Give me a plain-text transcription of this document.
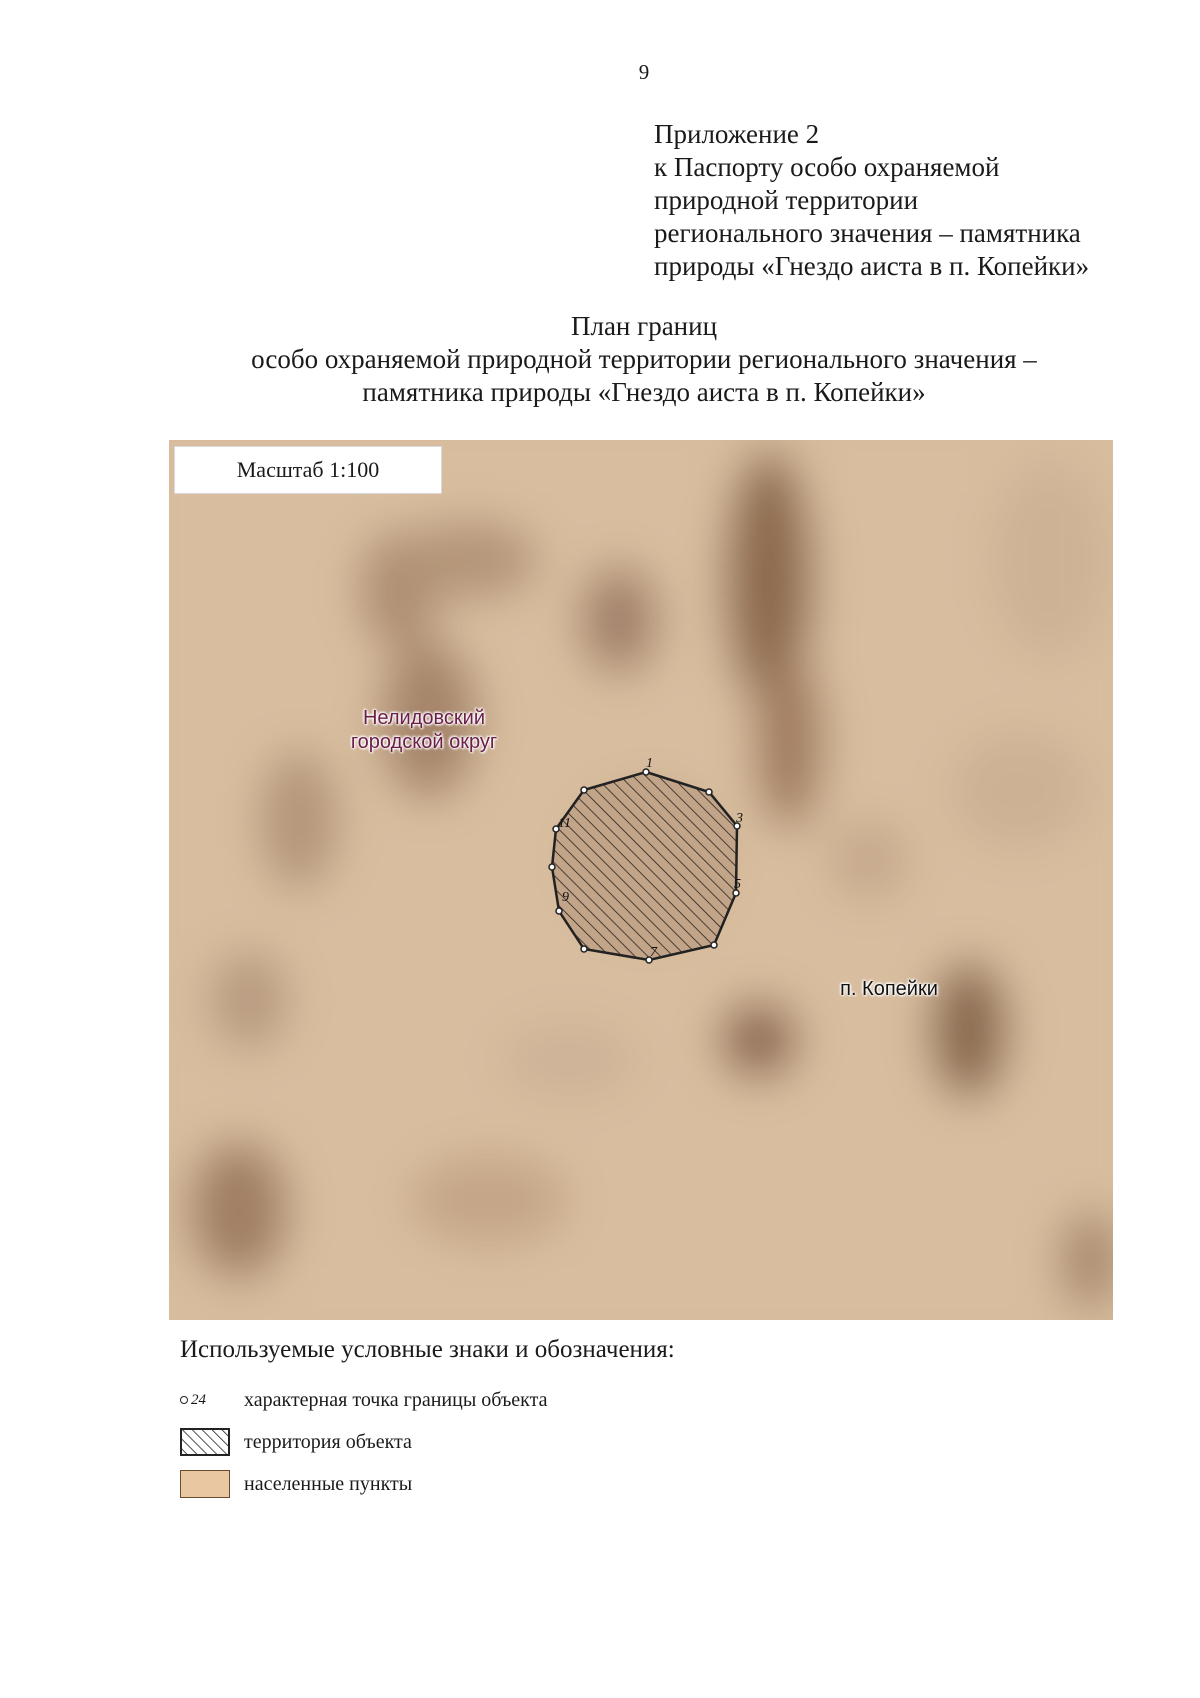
9
Приложение 2
к Паспорту особо охраняемой
природной территории
регионального значения – памятника
природы «Гнездо аиста в п. Копейки»
План границ
особо охраняемой природной территории регионального значения –
памятника природы «Гнездо аиста в п. Копейки»
1
3
5
7
9
11
Масштаб 1:100
Нелидовский
городской округ
п. Копейки
Используемые условные знаки и обозначения:
24 характерная точка границы объекта
территория объекта
населенные пункты
